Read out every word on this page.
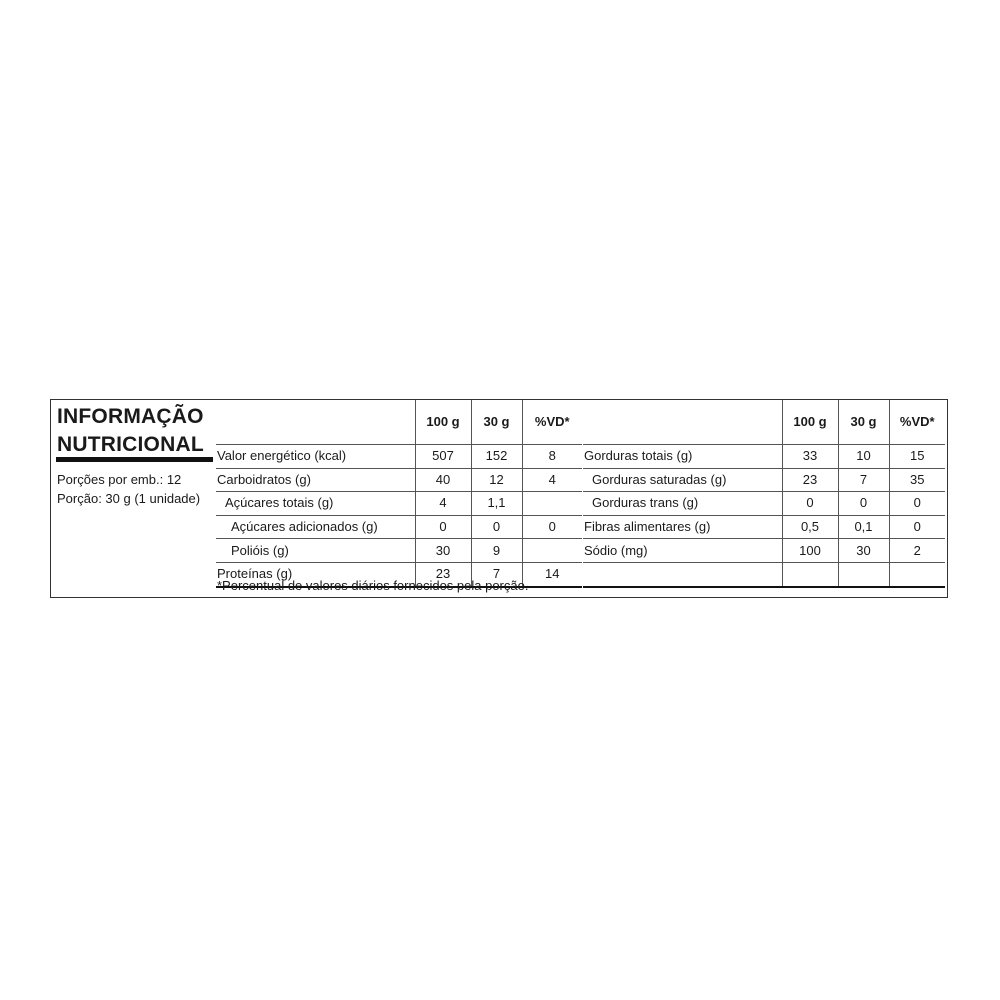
INFORMAÇÃO
NUTRICIONAL
Porções por emb.: 12
Porção: 30 g (1 unidade)
	100 g	30 g	%VD*
Valor energético (kcal)	507	152	8
Carboidratos (g)	40	12	4
Açúcares totais (g)	4	1,1	
Açúcares adicionados (g)	0	0	0
Polióis (g)	30	9	
Proteínas (g)	23	7	14
	100 g	30 g	%VD*
Gorduras totais (g)	33	10	15
Gorduras saturadas (g)	23	7	35
Gorduras trans (g)	0	0	0
Fibras alimentares (g)	0,5	0,1	0
Sódio (mg)	100	30	2

*Percentual de valores diários fornecidos pela porção.
